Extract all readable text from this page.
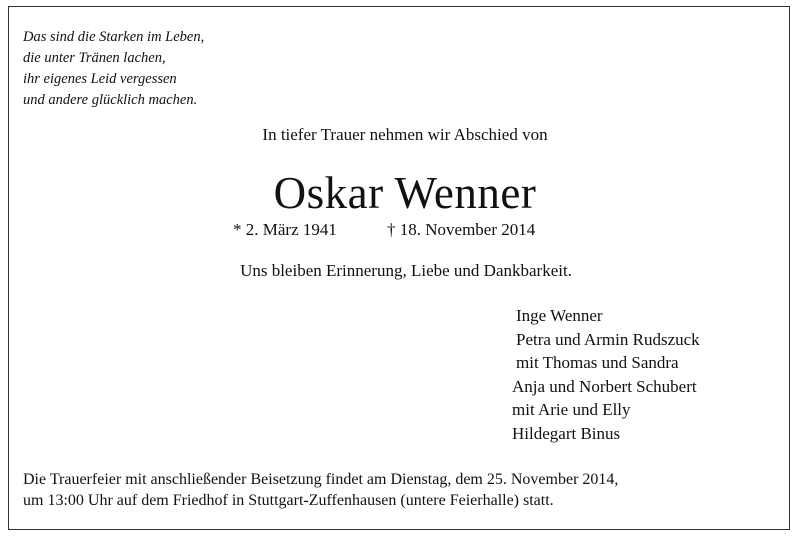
Das sind die Starken im Leben,
die unter Tränen lachen,
ihr eigenes Leid vergessen
und andere glücklich machen.
In tiefer Trauer nehmen wir Abschied von
Oskar Wenner
* 2. März 1941	† 18. November 2014
Uns bleiben Erinnerung, Liebe und Dankbarkeit.
Inge Wenner
Petra und Armin Rudszuck
mit Thomas und Sandra
Anja und Norbert Schubert
mit Arie und Elly
Hildegart Binus
Die Trauerfeier mit anschließender Beisetzung findet am Dienstag, dem 25. November 2014,
um 13:00 Uhr auf dem Friedhof in Stuttgart-Zuffenhausen (untere Feierhalle) statt.
